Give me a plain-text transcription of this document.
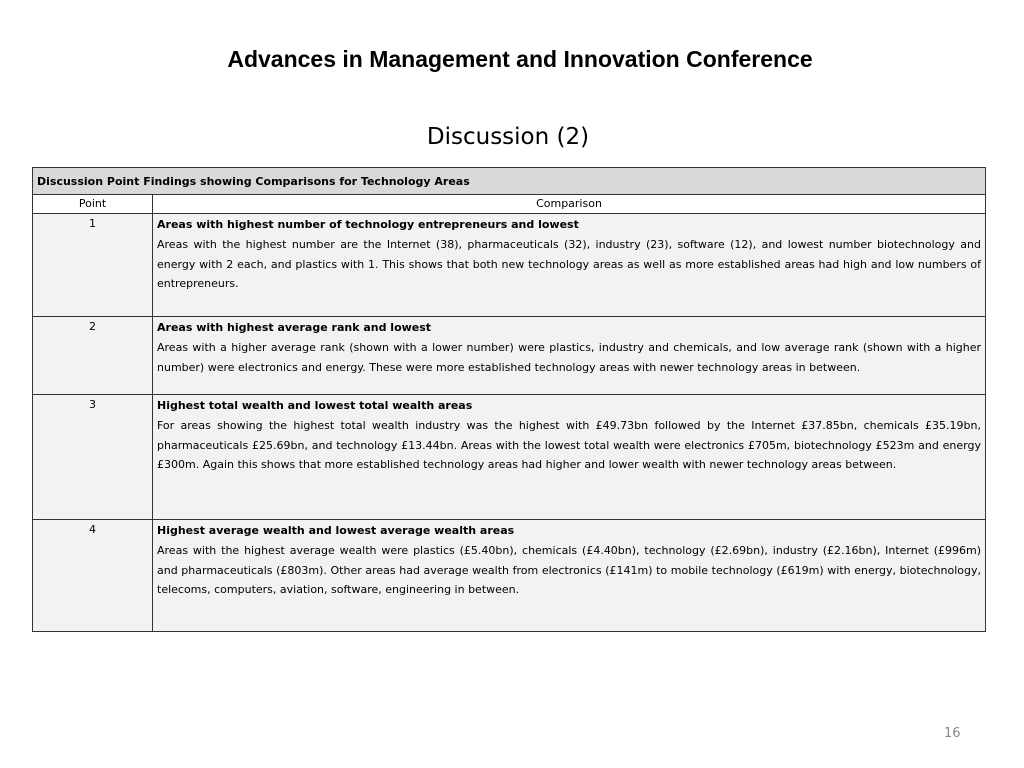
Advances in Management and Innovation Conference
Discussion (2)
Discussion Point Findings showing Comparisons for Technology Areas	
Point	Comparison
1	Areas with highest number of technology entrepreneurs and lowest
Areas with the highest number are the Internet (38), pharmaceuticals (32), industry (23), software (12), and lowest number biotechnology and energy with 2 each, and plastics with 1. This shows that both new technology areas as well as more established areas had high and low numbers of entrepreneurs.

2	Areas with highest average rank and lowest
Areas with a higher average rank (shown with a lower number) were plastics, industry and chemicals, and low average rank (shown with a higher number) were electronics and energy. These were more established technology areas with newer technology areas in between.

3	Highest total wealth and lowest total wealth areas
For areas showing the highest total wealth industry was the highest with £49.73bn followed by the Internet £37.85bn, chemicals £35.19bn, pharmaceuticals £25.69bn, and technology £13.44bn. Areas with the lowest total wealth were electronics £705m, biotechnology £523m and energy £300m. Again this shows that more established technology areas had higher and lower wealth with newer technology areas between.

4	Highest average wealth and lowest average wealth areas
Areas with the highest average wealth were plastics (£5.40bn), chemicals (£4.40bn), technology (£2.69bn), industry (£2.16bn), Internet (£996m) and pharmaceuticals (£803m). Other areas had average wealth from electronics (£141m) to mobile technology (£619m) with energy, biotechnology, telecoms, computers, aviation, software, engineering in between.
16
